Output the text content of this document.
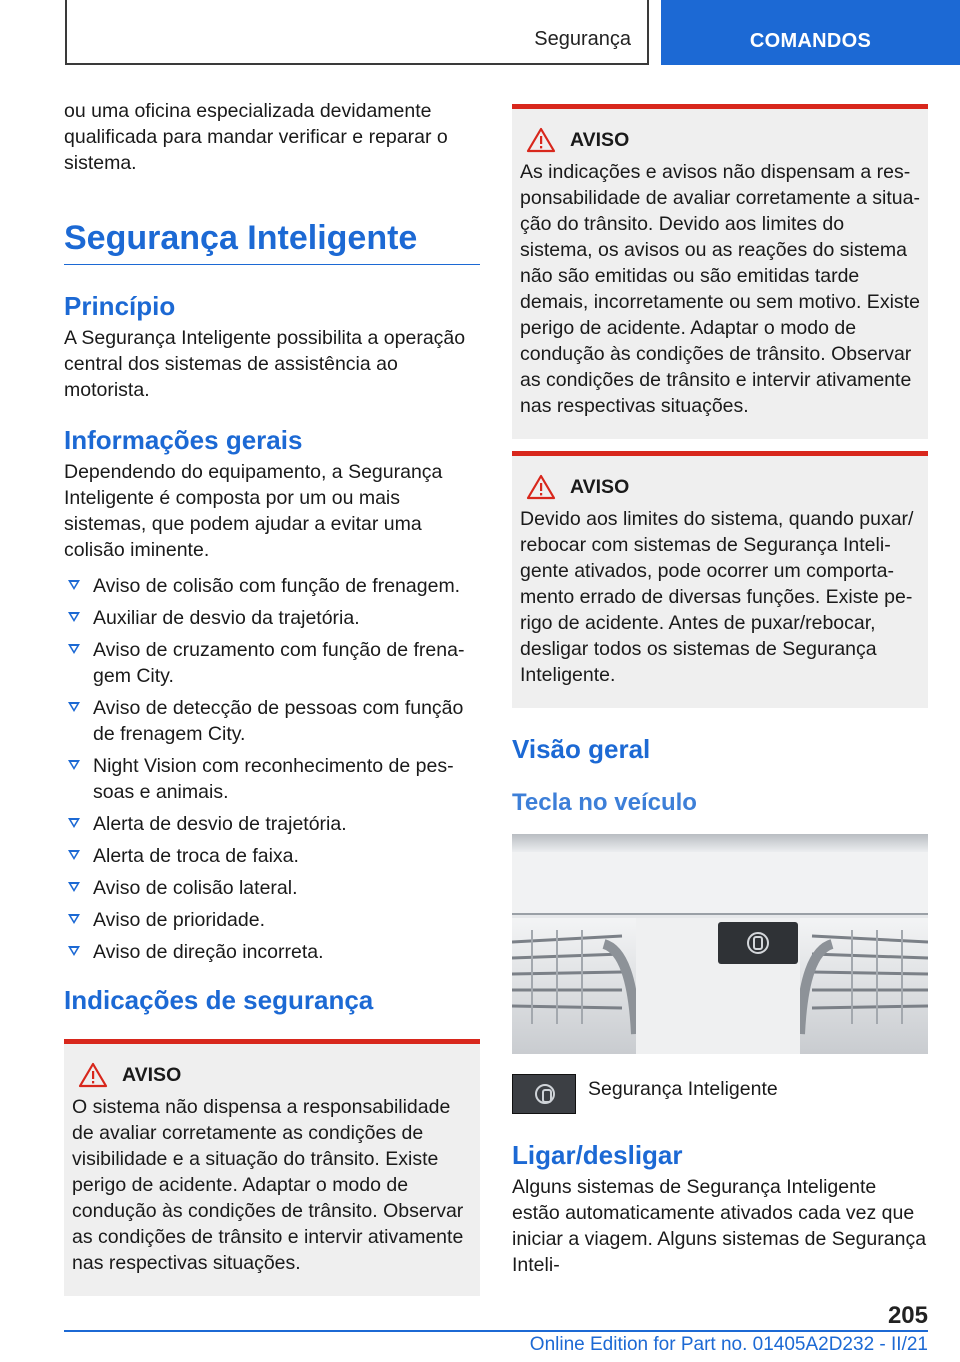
Segurança	COMANDOS

ou uma oficina especializada devidamente qualificada para mandar verificar e reparar o sistema.

Segurança Inteligente
Princípio

A Segurança Inteligente possibilita a operação central dos sistemas de assistência ao motorista.

Informações gerais

Dependendo do equipamento, a Segurança Inteligente é composta por um ou mais sistemas, que podem ajudar a evitar uma colisão iminente.

Aviso de colisão com função de frenagem.
Auxiliar de desvio da trajetória.
Aviso de cruzamento com função de frenagem City.
Aviso de detecção de pessoas com função de frenagem City.
Night Vision com reconhecimento de pessoas e animais.
Alerta de desvio de trajetória.
Alerta de troca de faixa.
Aviso de colisão lateral.
Aviso de prioridade.
Aviso de direção incorreta.
Indicações de segurança
AVISO

O sistema não dispensa a responsabilidade de avaliar corretamente as condições de visibilidade e a situação do trânsito. Existe perigo de acidente. Adaptar o modo de condução às condições de trânsito. Observar as condições de trânsito e intervir ativamente nas respectivas situações.

AVISO

As indicações e avisos não dispensam a responsabilidade de avaliar corretamente a situação do trânsito. Devido aos limites do sistema, os avisos ou as reações do sistema não são emitidas ou são emitidas tarde demais, incorretamente ou sem motivo. Existe perigo de acidente. Adaptar o modo de condução às condições de trânsito. Observar as condições de trânsito e intervir ativamente nas respectivas situações.

AVISO

Devido aos limites do sistema, quando puxar/ rebocar com sistemas de Segurança Inteligente ativados, pode ocorrer um comportamento errado de diversas funções. Existe perigo de acidente. Antes de puxar/rebocar, desligar todos os sistemas de Segurança Inteligente.

Visão geral
Tecla no veículo
Segurança Inteligente
Ligar/desligar

Alguns sistemas de Segurança Inteligente estão automaticamente ativados cada vez que iniciar a viagem. Alguns sistemas de Segurança Inteli-

205
Online Edition for Part no. 01405A2D232 - II/21
